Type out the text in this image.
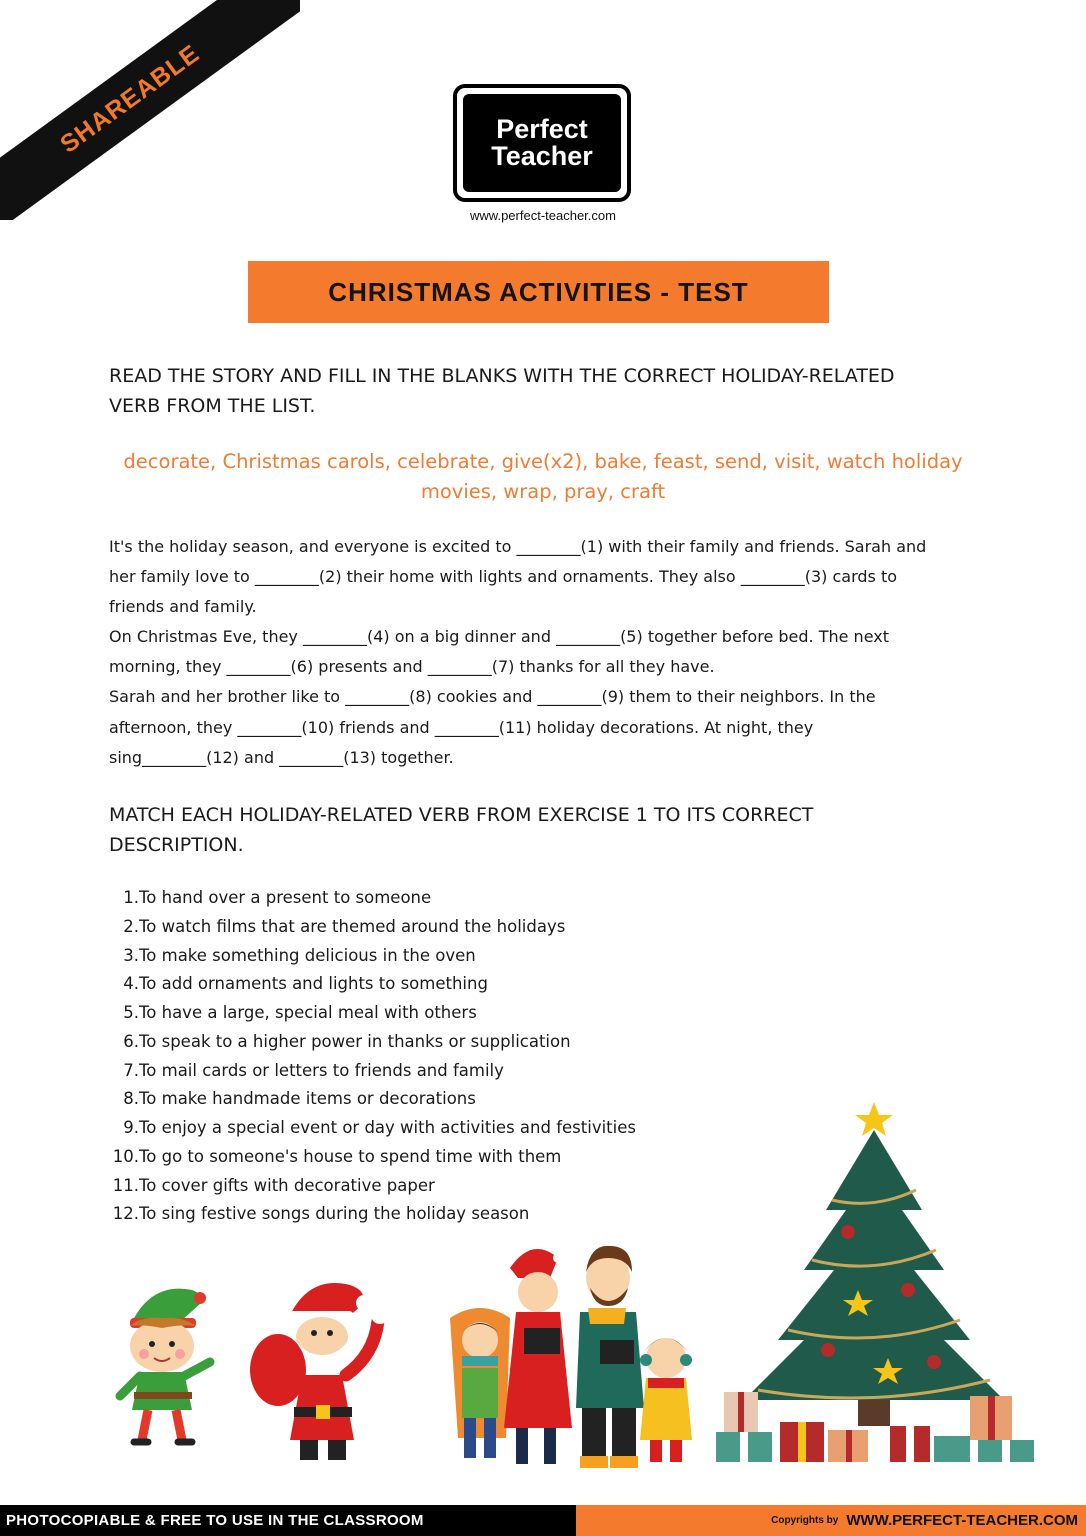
SHAREABLE	Perfect
Teacher
www.perfect-teacher.com
CHRISTMAS ACTIVITIES - TEST
READ THE STORY AND FILL IN THE BLANKS WITH THE CORRECT HOLIDAY-RELATED
VERB FROM THE LIST.
decorate, Christmas carols, celebrate, give(x2), bake, feast, send, visit, watch holiday
movies, wrap, pray, craft

It's the holiday season, and everyone is excited to ________(1) with their family and friends. Sarah and

her family love to ________(2) their home with lights and ornaments. They also ________(3) cards to

friends and family.

On Christmas Eve, they ________(4) on a big dinner and ________(5) together before bed. The next

morning, they ________(6) presents and ________(7) thanks for all they have.

Sarah and her brother like to ________(8) cookies and ________(9) them to their neighbors. In the

afternoon, they ________(10) friends and ________(11) holiday decorations. At night, they

sing________(12) and ________(13) together.

MATCH EACH HOLIDAY-RELATED VERB FROM EXERCISE 1 TO ITS CORRECT
DESCRIPTION.
1. To hand over a present to someone
2. To watch films that are themed around the holidays
3. To make something delicious in the oven
4. To add ornaments and lights to something
5. To have a large, special meal with others
6. To speak to a higher power in thanks or supplication
7. To mail cards or letters to friends and family
8. To make handmade items or decorations
9. To enjoy a special event or day with activities and festivities
10. To go to someone's house to spend time with them
11. To cover gifts with decorative paper
12. To sing festive songs during the holiday season
PHOTOCOPIABLE & FREE TO USE IN THE CLASSROOM	Copyrights by WWW.PERFECT-TEACHER.COM
